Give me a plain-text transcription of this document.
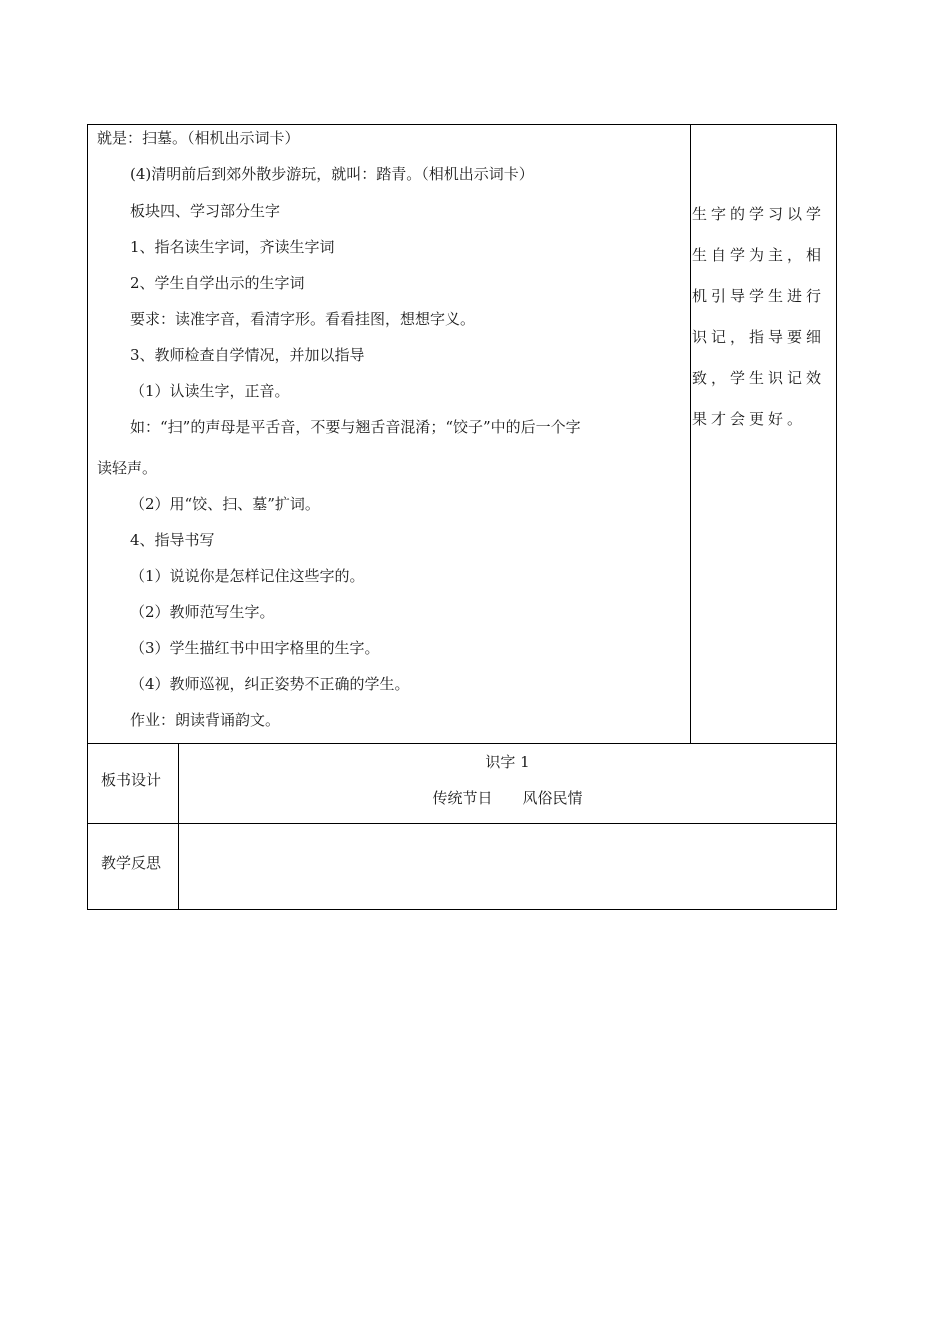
就是：扫墓。（相机出示词卡）
(4)清明前后到郊外散步游玩，就叫：踏青。（相机出示词卡）
板块四、学习部分生字
1、指名读生字词，齐读生字词
2、学生自学出示的生字词
要求：读准字音，看清字形。看看挂图，想想字义。
3、教师检查自学情况，并加以指导
（1）认读生字，正音。
如：“扫”的声母是平舌音，不要与翘舌音混淆；“饺子”中的后一个字
读轻声。
（2）用“饺、扫、墓”扩词。
4、指导书写
（1）说说你是怎样记住这些字的。
（2）教师范写生字。
（3）学生描红书中田字格里的生字。
（4）教师巡视，纠正姿势不正确的学生。
作业：朗读背诵韵文。
生字的学习以学
生自学为主，相
机引导学生进行
识记，指导要细
致，学生识记效
果才会更好。
板书设计
识字 1
传统节日　　风俗民情
教学反思
